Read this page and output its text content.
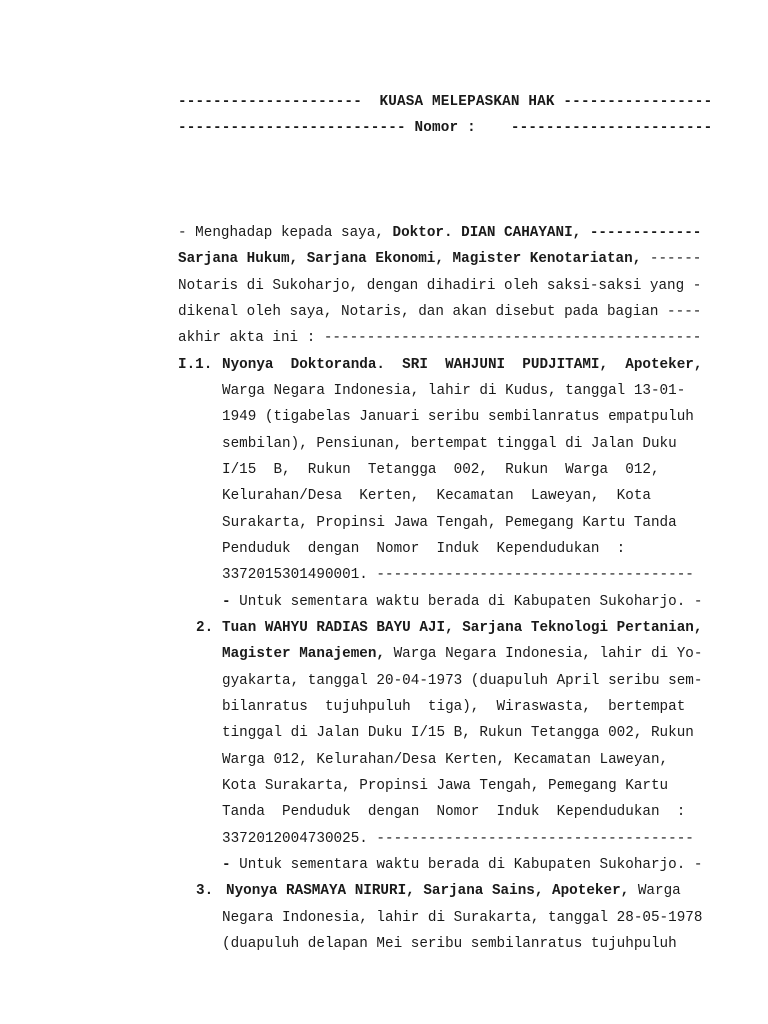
---------------------  KUASA MELEPASKAN HAK -----------------
-------------------------- Nomor :    -----------------------
- Menghadap kepada saya, Doktor. DIAN CAHAYANI, -------------
Sarjana Hukum, Sarjana Ekonomi, Magister Kenotariatan, ------
Notaris di Sukoharjo, dengan dihadiri oleh saksi-saksi yang -
dikenal oleh saya, Notaris, dan akan disebut pada bagian ----
akhir akta ini : --------------------------------------------
I.1. Nyonya  Doktoranda.  SRI  WAHJUNI  PUDJITAMI,  Apoteker,
Warga Negara Indonesia, lahir di Kudus, tanggal 13-01-
1949 (tigabelas Januari seribu sembilanratus empatpuluh
sembilan), Pensiunan, bertempat tinggal di Jalan Duku
I/15  B,  Rukun  Tetangga  002,  Rukun  Warga  012,
Kelurahan/Desa  Kerten,  Kecamatan  Laweyan,  Kota
Surakarta, Propinsi Jawa Tengah, Pemegang Kartu Tanda
Penduduk  dengan  Nomor  Induk  Kependudukan  :
3372015301490001. -------------------------------------
- Untuk sementara waktu berada di Kabupaten Sukoharjo. -
2. Tuan WAHYU RADIAS BAYU AJI, Sarjana Teknologi Pertanian,
Magister Manajemen, Warga Negara Indonesia, lahir di Yo-
gyakarta, tanggal 20-04-1973 (duapuluh April seribu sem-
bilanratus  tujuhpuluh  tiga),  Wiraswasta,  bertempat
tinggal di Jalan Duku I/15 B, Rukun Tetangga 002, Rukun
Warga 012, Kelurahan/Desa Kerten, Kecamatan Laweyan,
Kota Surakarta, Propinsi Jawa Tengah, Pemegang Kartu
Tanda  Penduduk  dengan  Nomor  Induk  Kependudukan  :
3372012004730025. -------------------------------------
- Untuk sementara waktu berada di Kabupaten Sukoharjo. -
3. Nyonya RASMAYA NIRURI, Sarjana Sains, Apoteker, Warga
Negara Indonesia, lahir di Surakarta, tanggal 28-05-1978
(duapuluh delapan Mei seribu sembilanratus tujuhpuluh
